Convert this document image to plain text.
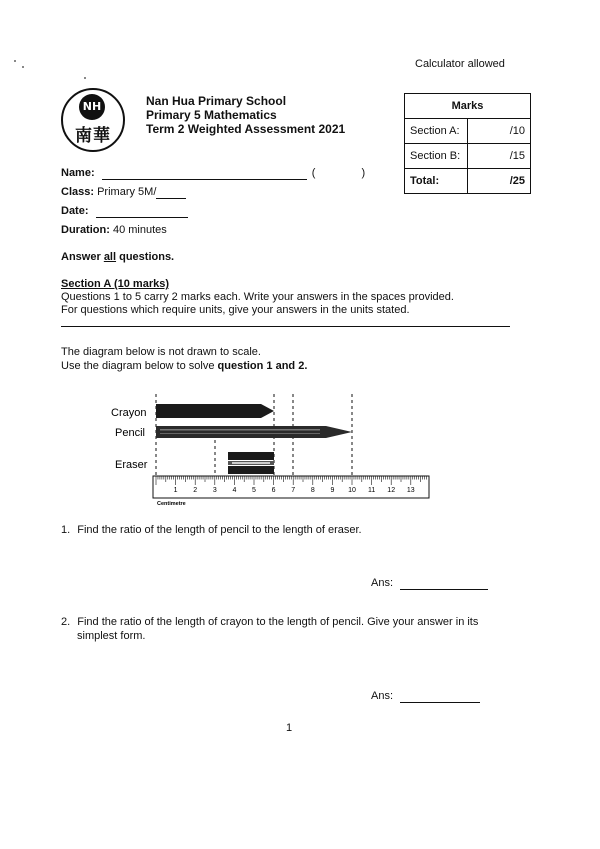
Calculator allowed
NH
南華
Nan Hua Primary School
Primary 5 Mathematics
Term 2 Weighted Assessment 2021
Marks	
Section A:	/10
Section B:	/15
Total:	/25
Name:	(	)
Class: Primary 5M/
Date:
Duration: 40 minutes
Answer all questions.
Section A (10 marks)
Questions 1 to 5 carry 2 marks each. Write your answers in the spaces provided.
For questions which require units, give your answers in the units stated.
The diagram below is not drawn to scale.
Use the diagram below to solve question 1 and 2.
Crayon
Pencil
Eraser
1 2 3 4 5 6 7 8 9 10 11 12 13
Centimetre
1. Find the ratio of the length of pencil to the length of eraser.
Ans:
2. Find the ratio of the length of crayon to the length of pencil. Give your answer in its
simplest form.
Ans:
1
